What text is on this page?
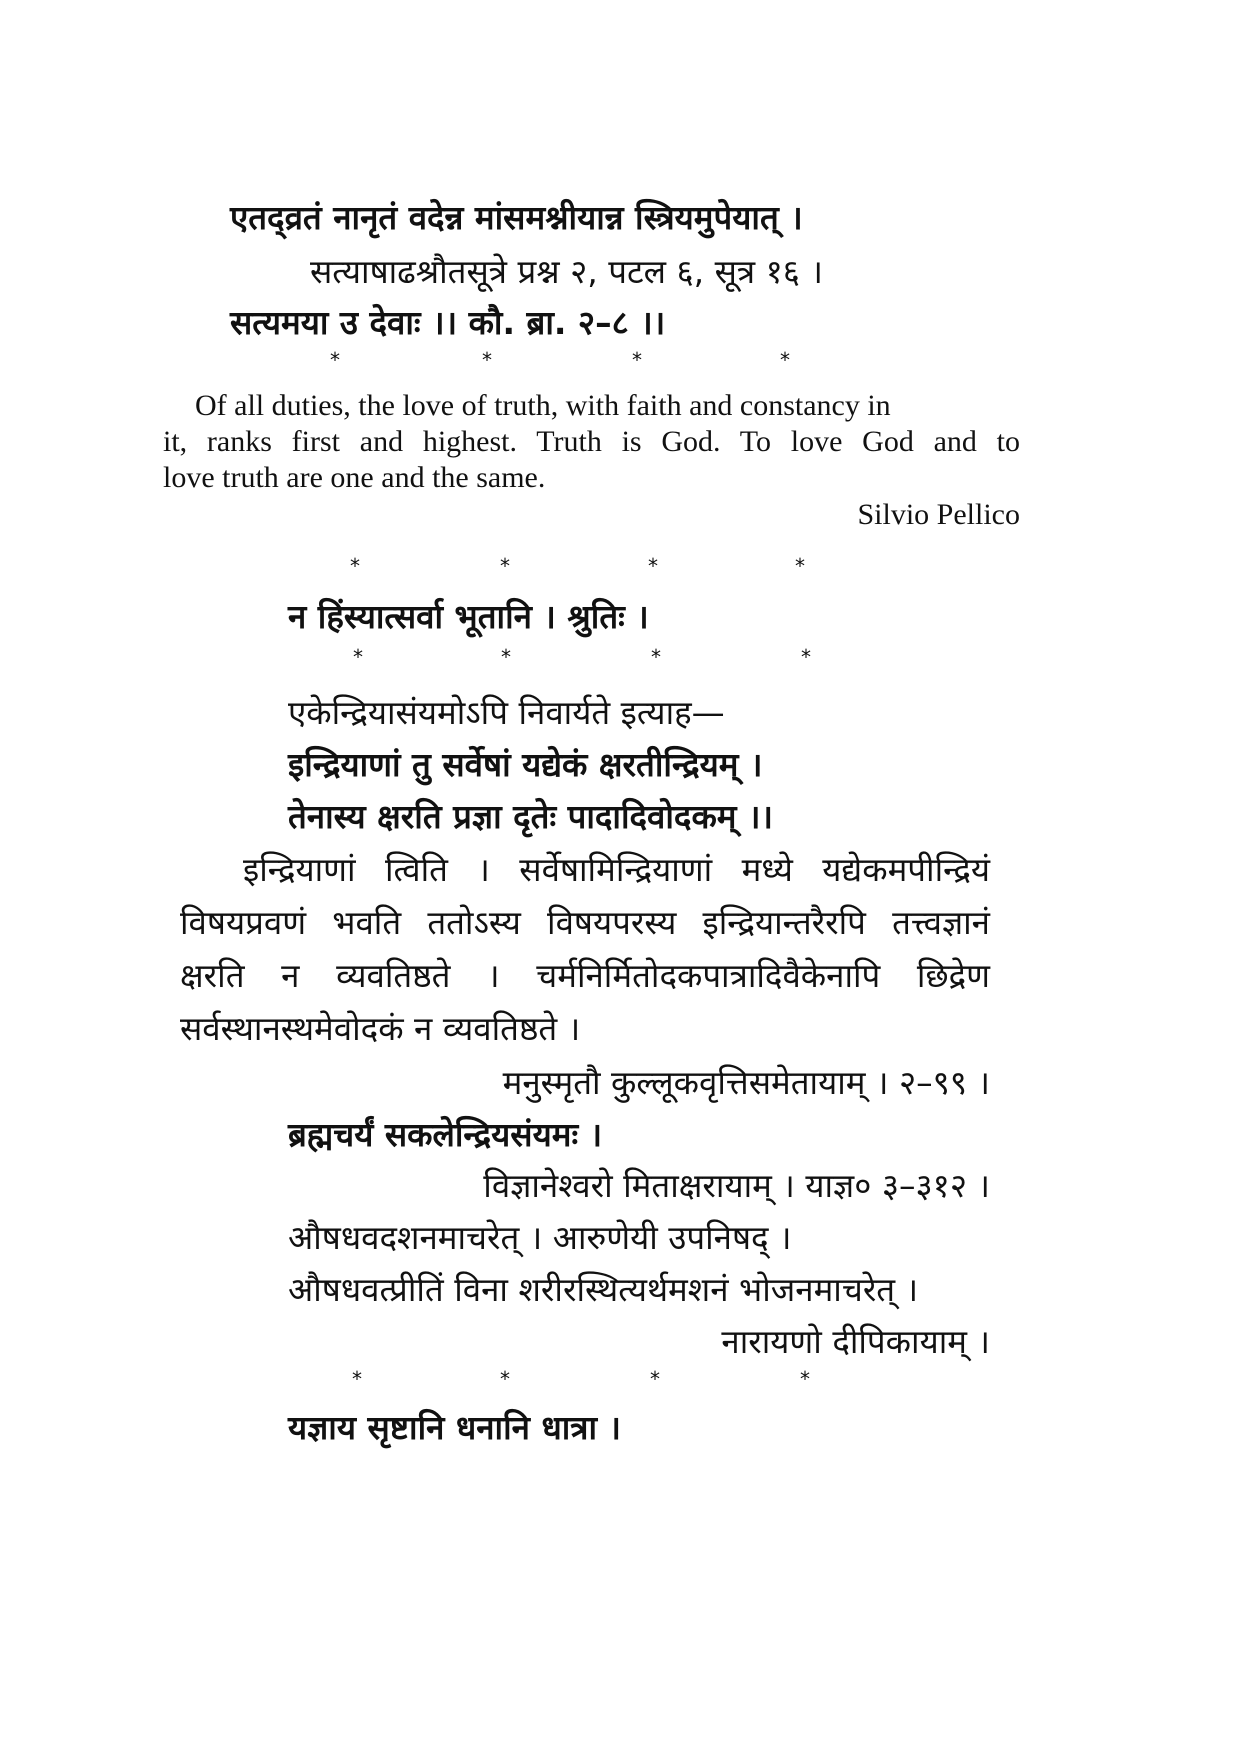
एतद्व्रतं नानृतं वदेन्न मांसमश्नीयान्न स्त्रियमुपेयात् ।
सत्याषाढश्रौतसूत्रे प्रश्न २, पटल ६, सूत्र १६ ।
सत्यमया उ देवाः ।। कौ. ब्रा. २–८ ।।
*	*	*	*
Of all duties, the love of truth, with faith and constancy in
it, ranks first and highest. Truth is God. To love God and to
love truth are one and the same.
Silvio Pellico
*	*	*	*
न हिंस्यात्सर्वा भूतानि । श्रुतिः ।
*	*	*	*
एकेन्द्रियासंयमोऽपि निवार्यते इत्याह—
इन्द्रियाणां तु सर्वेषां यद्येकं क्षरतीन्द्रियम् ।
तेनास्य क्षरति प्रज्ञा दृतेः पादादिवोदकम् ।।
इन्द्रियाणां त्विति । सर्वेषामिन्द्रियाणां मध्ये यद्येकमपीन्द्रियं
विषयप्रवणं भवति ततोऽस्य विषयपरस्य इन्द्रियान्तरैरपि तत्त्वज्ञानं
क्षरति न व्यवतिष्ठते । चर्मनिर्मितोदकपात्रादिवैकेनापि छिद्रेण
सर्वस्थानस्थमेवोदकं न व्यवतिष्ठते ।
मनुस्मृतौ कुल्लूकवृत्तिसमेतायाम् । २–९९ ।
ब्रह्मचर्यं सकलेन्द्रियसंयमः ।
विज्ञानेश्वरो मिताक्षरायाम् । याज्ञ० ३–३१२ ।
औषधवदशनमाचरेत् । आरुणेयी उपनिषद् ।
औषधवत्प्रीतिं विना शरीरस्थित्यर्थमशनं भोजनमाचरेत् ।
नारायणो दीपिकायाम् ।
*	*	*	*
यज्ञाय सृष्टानि धनानि धात्रा ।
